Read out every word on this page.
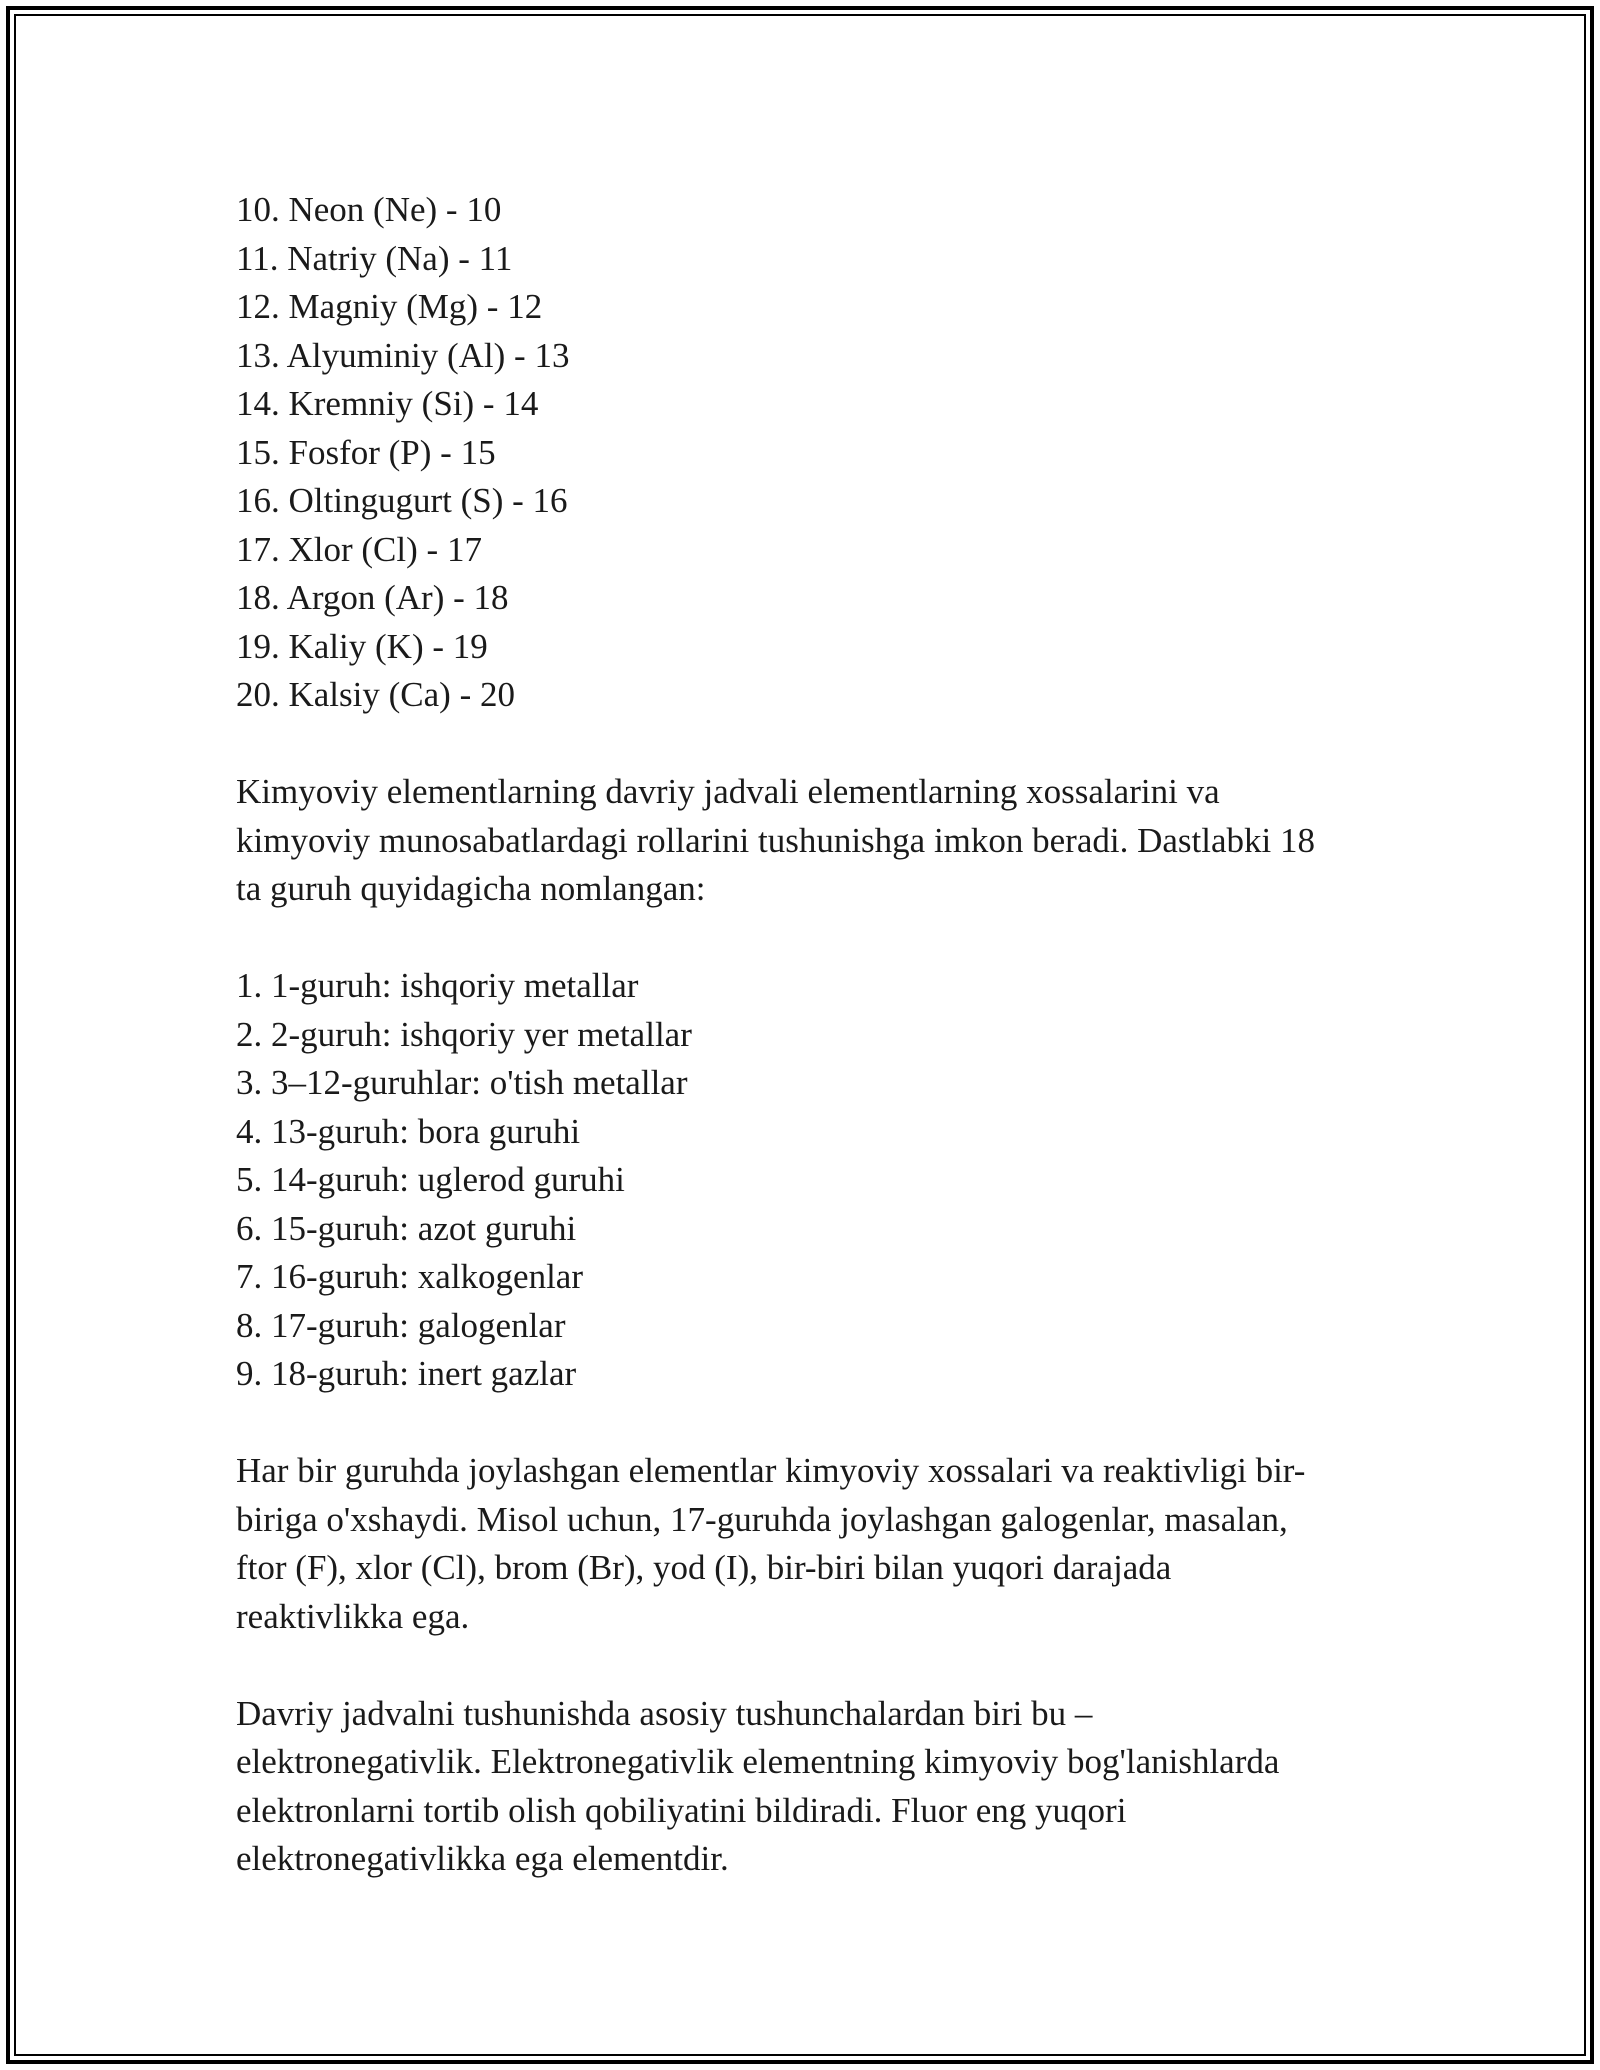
10. Neon (Ne) - 10

11. Natriy (Na) - 11

12. Magniy (Mg) - 12

13. Alyuminiy (Al) - 13

14. Kremniy (Si) - 14

15. Fosfor (P) - 15

16. Oltingugurt (S) - 16

17. Xlor (Cl) - 17

18. Argon (Ar) - 18

19. Kaliy (K) - 19

20. Kalsiy (Ca) - 20

Kimyoviy elementlarning davriy jadvali elementlarning xossalarini va

kimyoviy munosabatlardagi rollarini tushunishga imkon beradi. Dastlabki 18

ta guruh quyidagicha nomlangan:

1. 1-guruh: ishqoriy metallar

2. 2-guruh: ishqoriy yer metallar

3. 3–12-guruhlar: o'tish metallar

4. 13-guruh: bora guruhi

5. 14-guruh: uglerod guruhi

6. 15-guruh: azot guruhi

7. 16-guruh: xalkogenlar

8. 17-guruh: galogenlar

9. 18-guruh: inert gazlar

Har bir guruhda joylashgan elementlar kimyoviy xossalari va reaktivligi bir-

biriga o'xshaydi. Misol uchun, 17-guruhda joylashgan galogenlar, masalan,

ftor (F), xlor (Cl), brom (Br), yod (I), bir-biri bilan yuqori darajada

reaktivlikka ega.

Davriy jadvalni tushunishda asosiy tushunchalardan biri bu –

elektronegativlik. Elektronegativlik elementning kimyoviy bog'lanishlarda

elektronlarni tortib olish qobiliyatini bildiradi. Fluor eng yuqori

elektronegativlikka ega elementdir.
